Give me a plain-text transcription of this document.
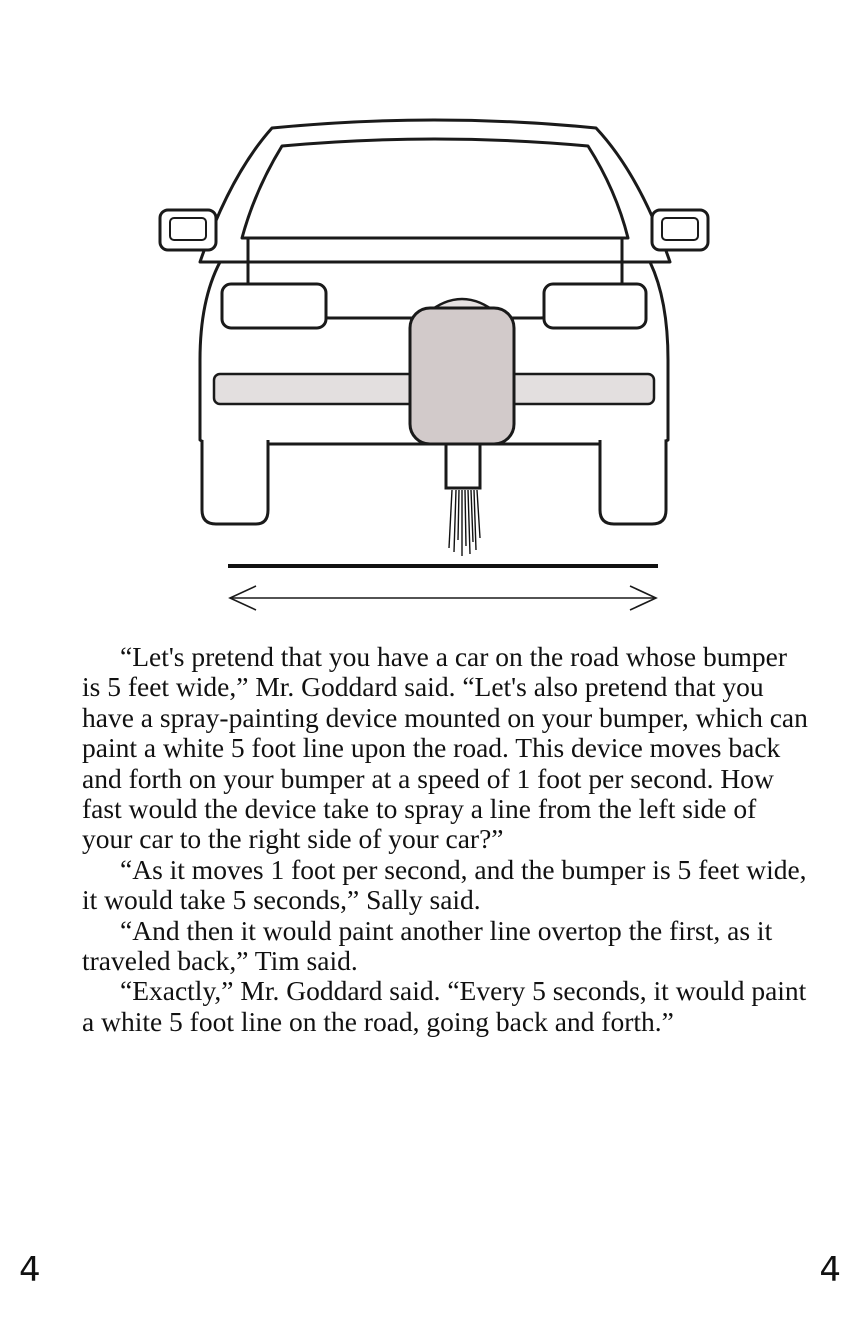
“Let's pretend that you have a car on the road whose bumper is 5 feet wide,” Mr. Goddard said. “Let's also pretend that you have a spray-painting device mounted on your bumper, which can paint a white 5 foot line upon the road. This device moves back and forth on your bumper at a speed of 1 foot per second. How fast would the device take to spray a line from the left side of your car to the right side of your car?”

“As it moves 1 foot per second, and the bumper is 5 feet wide, it would take 5 seconds,” Sally said.

“And then it would paint another line overtop the first, as it traveled back,” Tim said.

“Exactly,” Mr. Goddard said. “Every 5 seconds, it would paint a white 5 foot line on the road, going back and forth.”

4	4
